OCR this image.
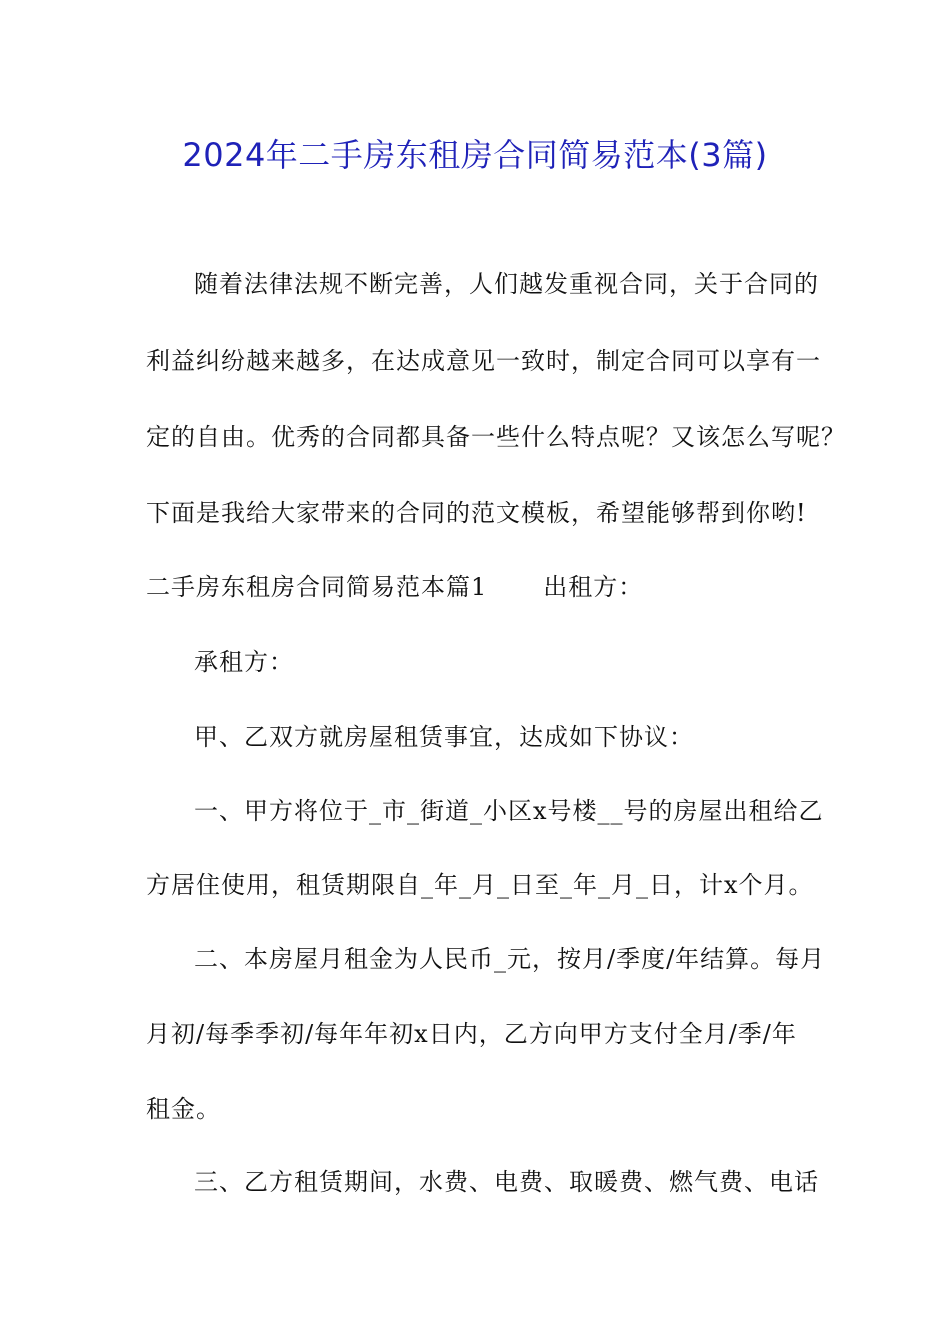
2024年二手房东租房合同简易范本(3篇)
随着法律法规不断完善，人们越发重视合同，关于合同的
利益纠纷越来越多，在达成意见一致时，制定合同可以享有一
定的自由。优秀的合同都具备一些什么特点呢？又该怎么写呢？
下面是我给大家带来的合同的范文模板，希望能够帮到你哟!
二手房东租房合同简易范本篇1 出租方：
承租方：
甲、乙双方就房屋租赁事宜，达成如下协议：
一、甲方将位于_市_街道_小区x号楼__号的房屋出租给乙
方居住使用，租赁期限自_年_月_日至_年_月_日，计x个月。
二、本房屋月租金为人民币_元，按月/季度/年结算。每月
月初/每季季初/每年年初x日内，乙方向甲方支付全月/季/年
租金。
三、乙方租赁期间，水费、电费、取暖费、燃气费、电话
